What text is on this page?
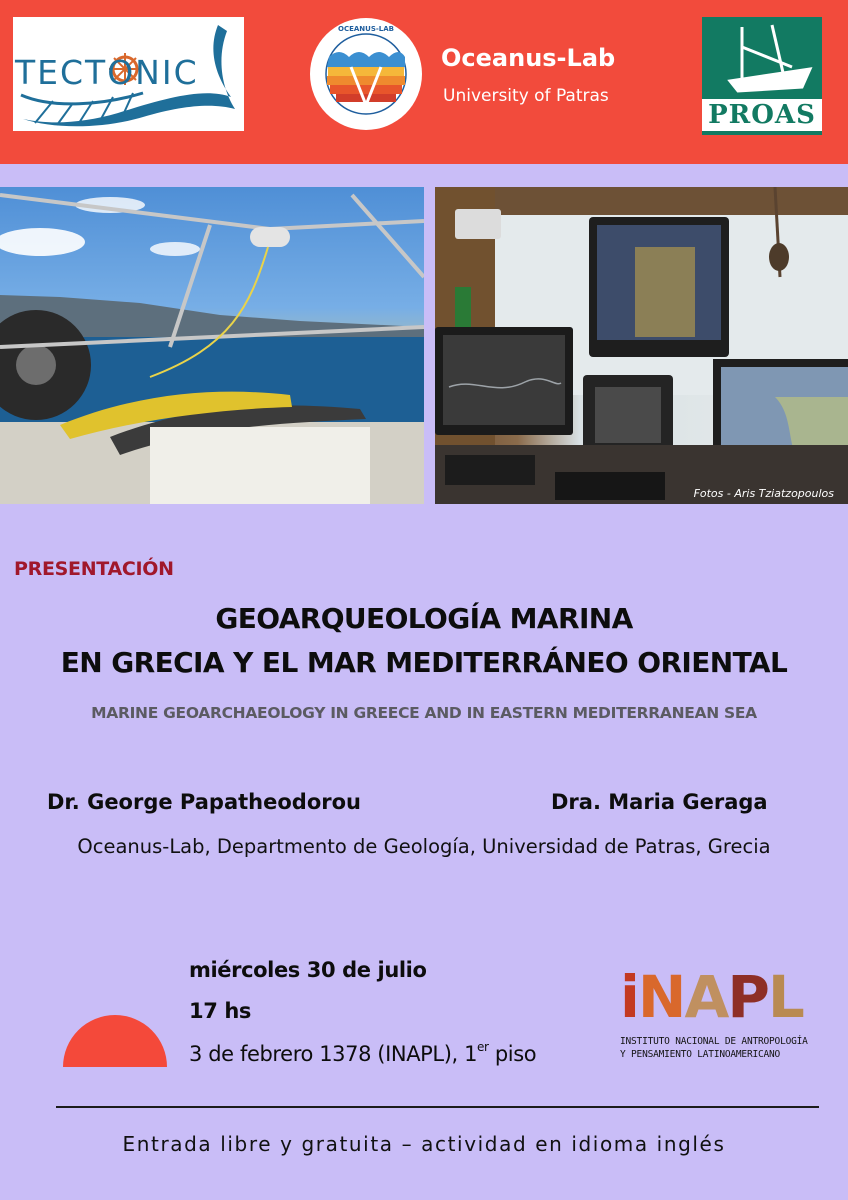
TECTONIC
OCEANUS-LAB
Oceanus-Lab
University of Patras
PROAS
Fotos - Aris Tziatzopoulos
PRESENTACIÓN
GEOARQUEOLOGÍA MARINA
EN GRECIA Y EL MAR MEDITERRÁNEO ORIENTAL
MARINE GEOARCHAEOLOGY IN GREECE AND IN EASTERN MEDITERRANEAN SEA
Dr. George Papatheodorou	Dra. Maria Geraga
Oceanus-Lab, Departmento de Geología, Universidad de Patras, Grecia
miércoles 30 de julio
17 hs
3 de febrero 1378 (INAPL), 1er piso
iNAPL
INSTITUTO NACIONAL DE ANTROPOLOGÍA
Y PENSAMIENTO LATINOAMERICANO
Entrada libre y gratuita – actividad en idioma inglés
